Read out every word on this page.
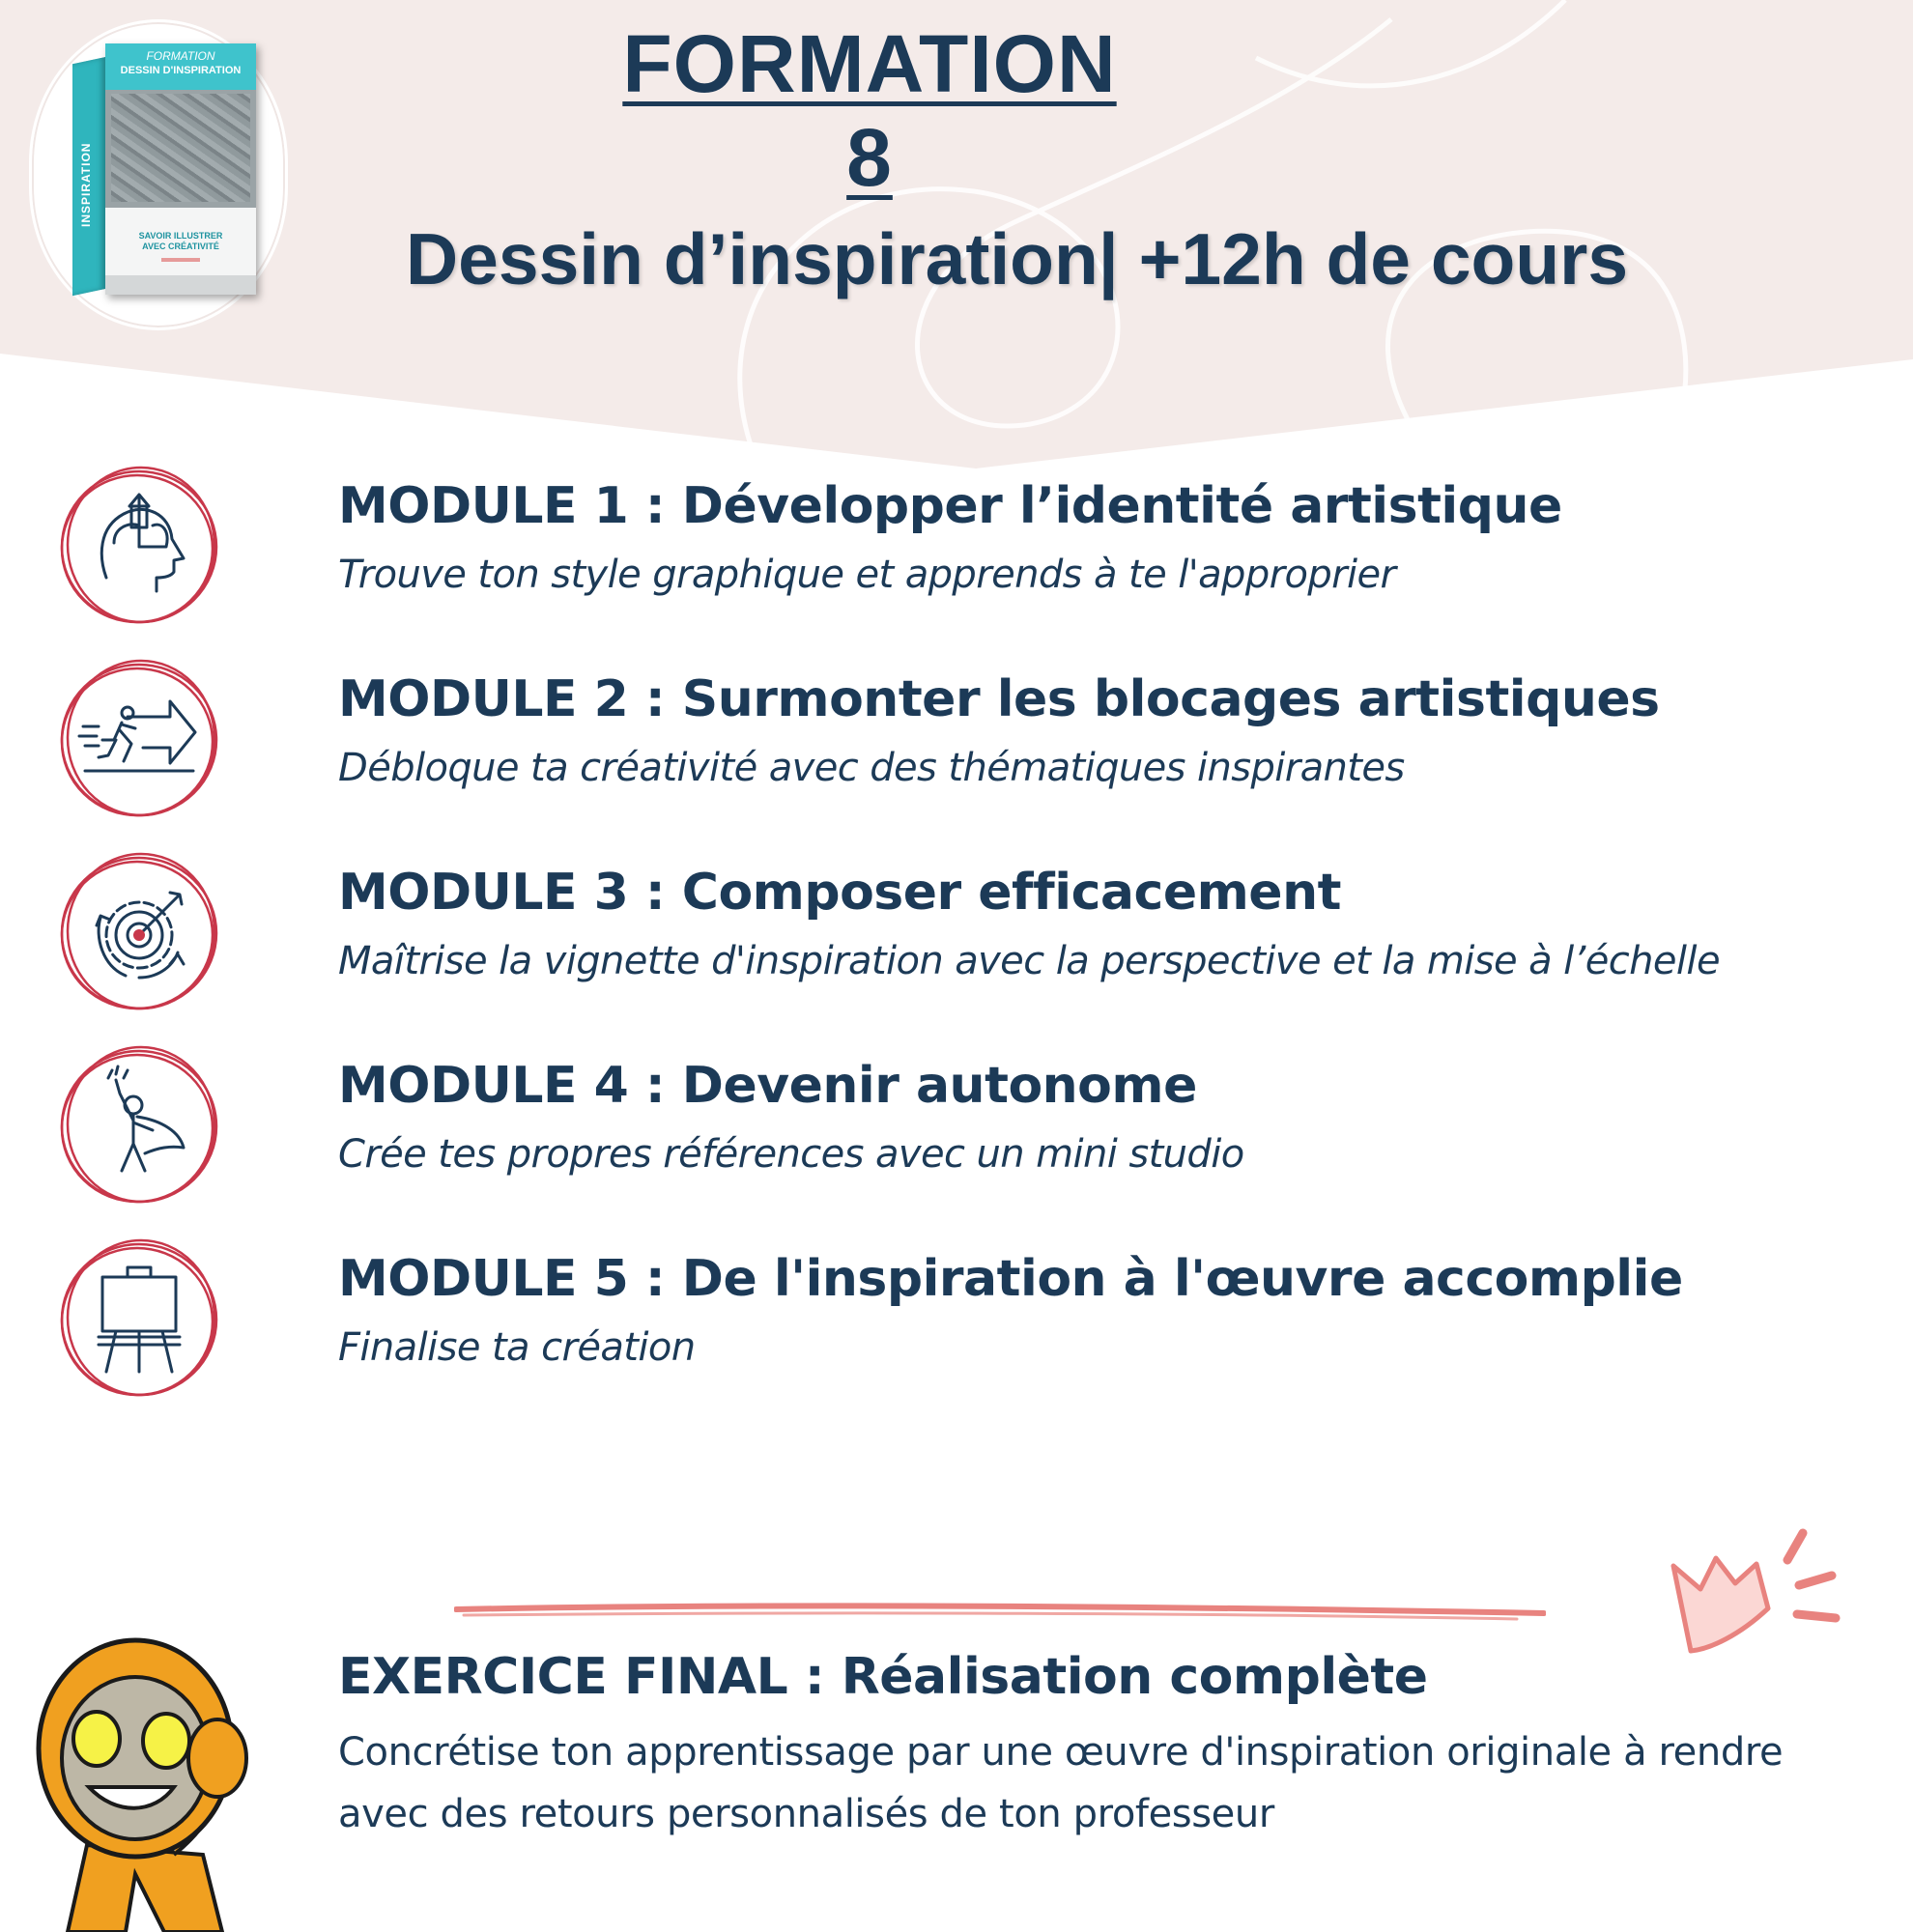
FORMATION
DESSIN D'INSPIRATION
INSPIRATION
SAVOIR ILLUSTRER
AVEC CRÉATIVITÉ
FORMATION 8
Dessin d’inspiration| +12h de cours
MODULE 1 : Développer l’identité artistique
Trouve ton style graphique et apprends à te l'approprier
MODULE 2 : Surmonter les blocages artistiques
Débloque ta créativité avec des thématiques inspirantes
MODULE 3 : Composer efficacement
Maîtrise la vignette d'inspiration avec la perspective et la mise à l’échelle
MODULE 4 : Devenir autonome
Crée tes propres références avec un mini studio
MODULE 5 : De l'inspiration à l'œuvre accomplie
Finalise ta création
EXERCICE FINAL : Réalisation complète
Concrétise ton apprentissage par une œuvre d'inspiration originale à rendre avec des retours personnalisés de ton professeur
